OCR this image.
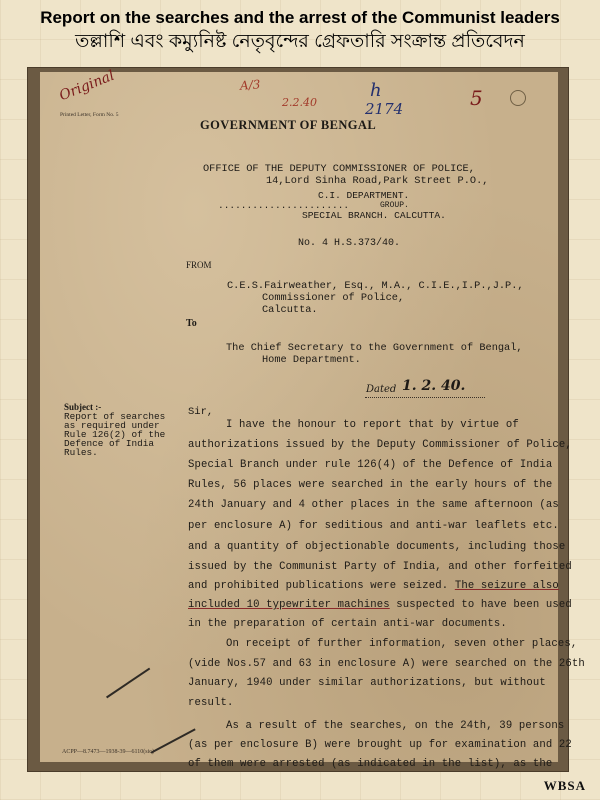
Report on the searches and the arrest of the Communist leaders
তল্লাশি এবং কম্যুনিষ্ট নেতৃবৃন্দের গ্রেফতারি সংক্রান্ত প্রতিবেদন
Original
Printed Letter, Form No. 5
A/3
2.2.40
h
2174	5
GOVERNMENT OF BENGAL
OFFICE OF THE DEPUTY COMMISSIONER OF POLICE,
14,Lord Sinha Road,Park Street P.O.,
C.I. DEPARTMENT.
.......................	GROUP.
SPECIAL BRANCH. CALCUTTA.
No. 4 H.S.373/40.
FROM
C.E.S.Fairweather, Esq., M.A., C.I.E.,I.P.,J.P.,
Commissioner of Police,
Calcutta.
To
The Chief Secretary to the Government of Bengal,
Home Department.
Dated 1. 2. 40.
Subject :-
Report of searches
as required under
Rule 126(2) of the
Defence of India
Rules.
Sir,
I have the honour to report that by virtue of
authorizations issued by the Deputy Commissioner of Police,
Special Branch under rule 126(4) of the Defence of India
Rules, 56 places were searched in the early hours of the
24th January and 4 other places in the same afternoon (as
per enclosure A) for seditious and anti-war leaflets etc.
and a quantity of objectionable documents, including those
issued by the Communist Party of India, and other forfeited
and prohibited publications were seized. The seizure also
included 10 typewriter machines suspected to have been used
in the preparation of certain anti-war documents.
On receipt of further information, seven other places,
(vide Nos.57 and 63 in enclosure A) were searched on the 26th
January, 1940 under similar authorizations, but without
result.
As a result of the searches, on the 24th, 39 persons
(as per enclosure B) were brought up for examination and 22
of them were arrested (as indicated in the list), as the
ACPP—8.7473—1938-39—6110(sic)
WBSA
